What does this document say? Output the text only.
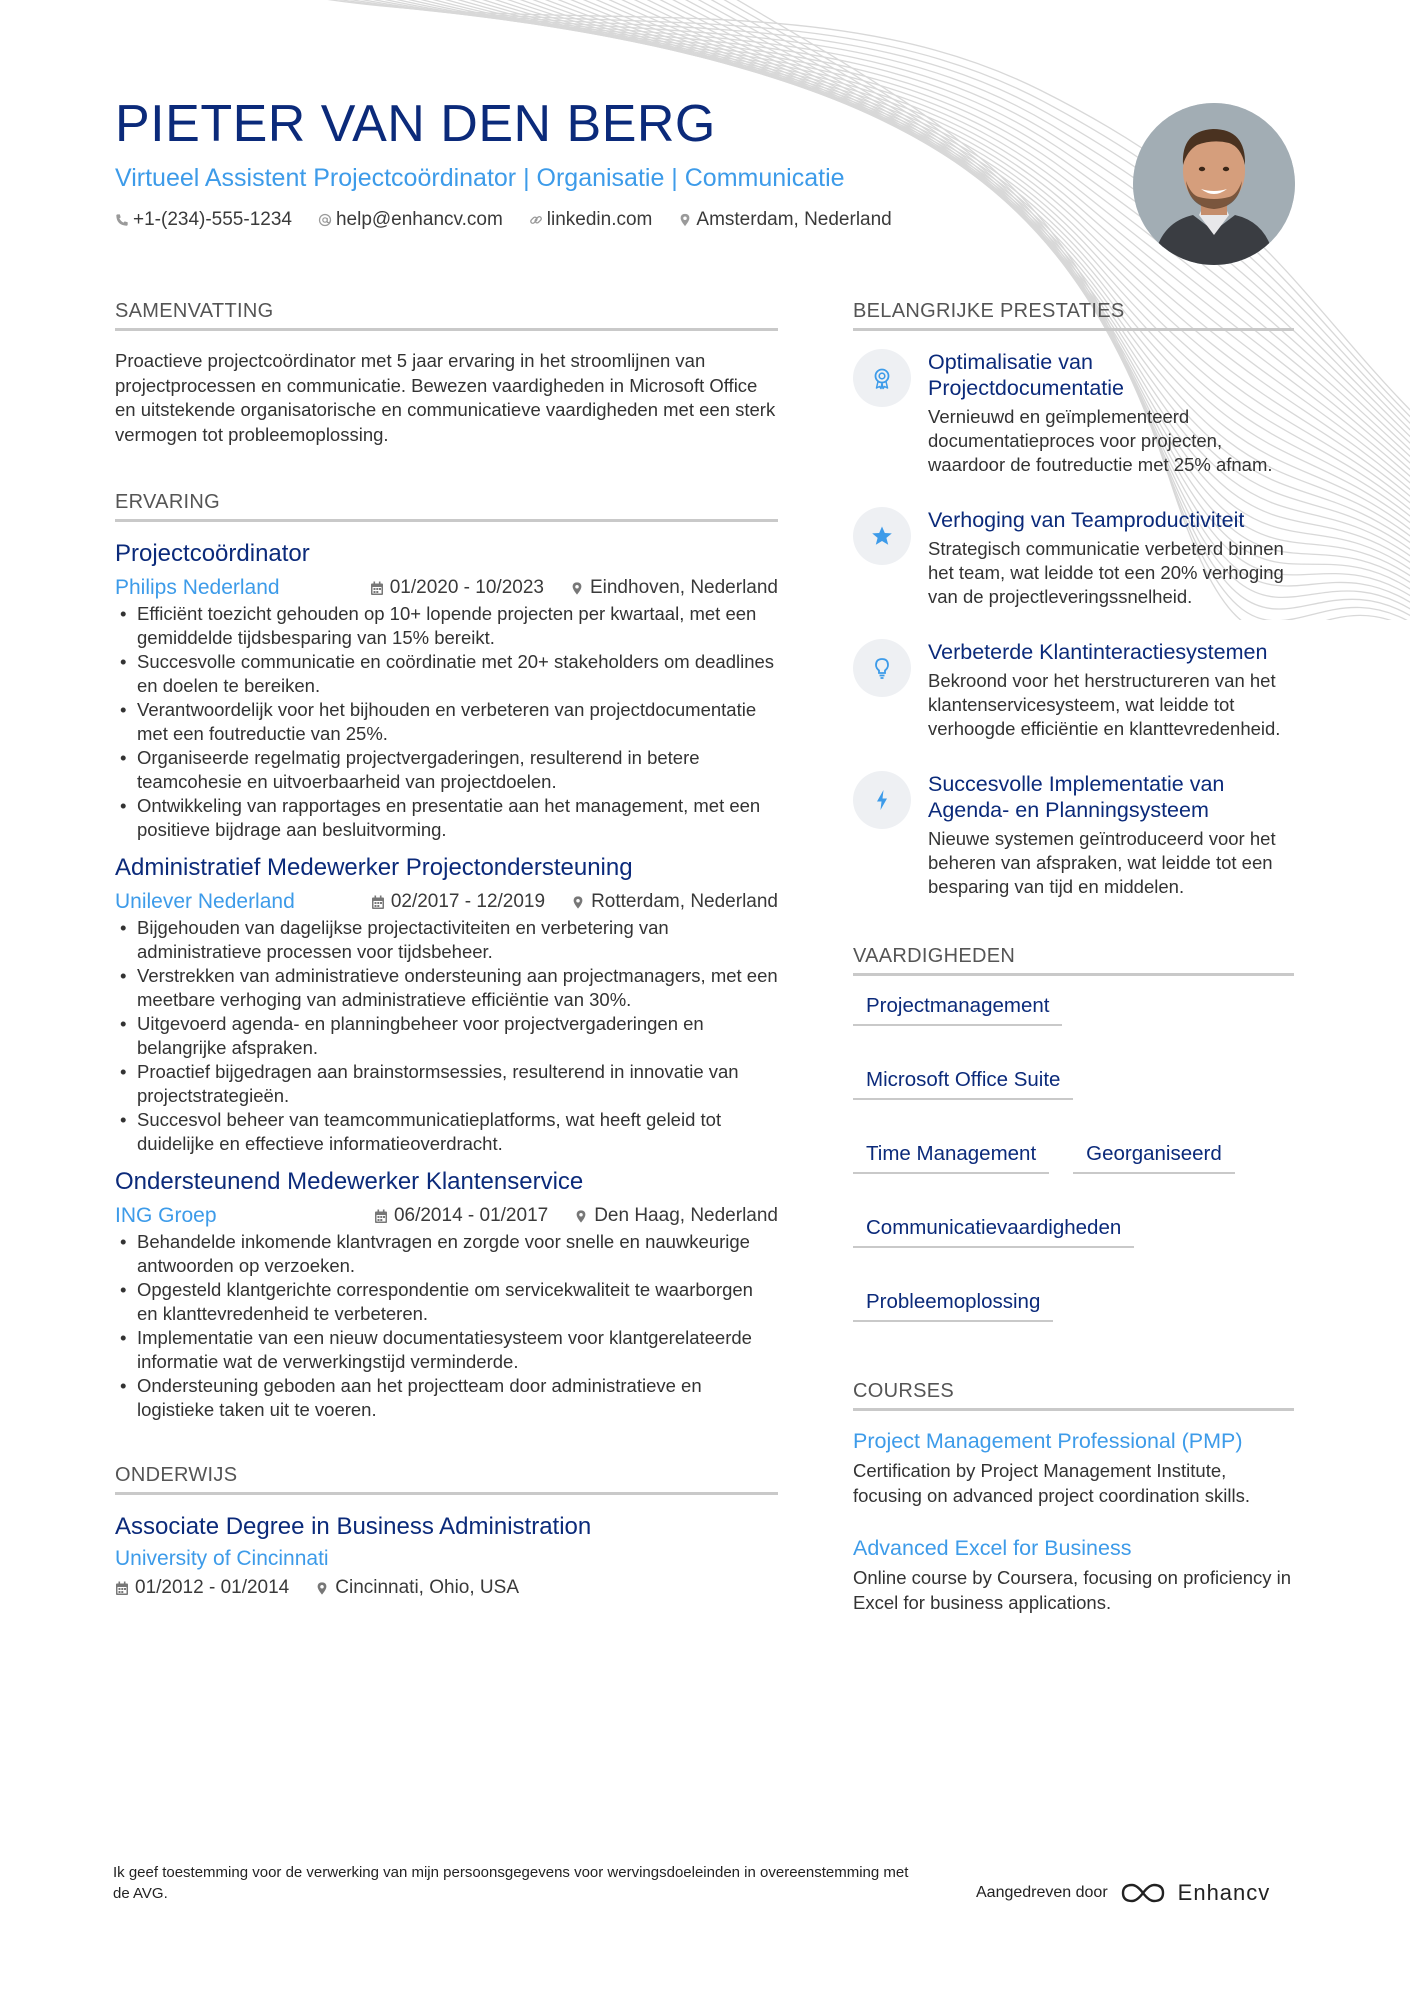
PIETER VAN DEN BERG
Virtueel Assistent Projectcoördinator | Organisatie | Communicatie
+1-(234)-555-1234 help@enhancv.com linkedin.com Amsterdam, Nederland
SAMENVATTING
Proactieve projectcoördinator met 5 jaar ervaring in het stroomlijnen van projectprocessen en communicatie. Bewezen vaardigheden in Microsoft Office en uitstekende organisatorische en communicatieve vaardigheden met een sterk vermogen tot probleemoplossing.
ERVARING
Projectcoördinator
Philips Nederland	01/2020 - 10/2023 Eindhoven, Nederland
• Efficiënt toezicht gehouden op 10+ lopende projecten per kwartaal, met een gemiddelde tijdsbesparing van 15% bereikt.
• Succesvolle communicatie en coördinatie met 20+ stakeholders om deadlines en doelen te bereiken.
• Verantwoordelijk voor het bijhouden en verbeteren van projectdocumentatie met een foutreductie van 25%.
• Organiseerde regelmatig projectvergaderingen, resulterend in betere teamcohesie en uitvoerbaarheid van projectdoelen.
• Ontwikkeling van rapportages en presentatie aan het management, met een positieve bijdrage aan besluitvorming.
Administratief Medewerker Projectondersteuning
Unilever Nederland	02/2017 - 12/2019 Rotterdam, Nederland
• Bijgehouden van dagelijkse projectactiviteiten en verbetering van administratieve processen voor tijdsbeheer.
• Verstrekken van administratieve ondersteuning aan projectmanagers, met een meetbare verhoging van administratieve efficiëntie van 30%.
• Uitgevoerd agenda- en planningbeheer voor projectvergaderingen en belangrijke afspraken.
• Proactief bijgedragen aan brainstormsessies, resulterend in innovatie van projectstrategieën.
• Succesvol beheer van teamcommunicatieplatforms, wat heeft geleid tot duidelijke en effectieve informatieoverdracht.
Ondersteunend Medewerker Klantenservice
ING Groep	06/2014 - 01/2017 Den Haag, Nederland
• Behandelde inkomende klantvragen en zorgde voor snelle en nauwkeurige antwoorden op verzoeken.
• Opgesteld klantgerichte correspondentie om servicekwaliteit te waarborgen en klanttevredenheid te verbeteren.
• Implementatie van een nieuw documentatiesysteem voor klantgerelateerde informatie wat de verwerkingstijd verminderde.
• Ondersteuning geboden aan het projectteam door administratieve en logistieke taken uit te voeren.
ONDERWIJS
Associate Degree in Business Administration
University of Cincinnati
01/2012 - 01/2014 Cincinnati, Ohio, USA
BELANGRIJKE PRESTATIES
Optimalisatie van Projectdocumentatie
Vernieuwd en geïmplementeerd documentatieproces voor projecten, waardoor de foutreductie met 25% afnam.
Verhoging van Teamproductiviteit
Strategisch communicatie verbeterd binnen het team, wat leidde tot een 20% verhoging van de projectleveringssnelheid.
Verbeterde Klantinteractiesystemen
Bekroond voor het herstructureren van het klantenservicesysteem, wat leidde tot verhoogde efficiëntie en klanttevredenheid.
Succesvolle Implementatie van Agenda- en Planningsysteem
Nieuwe systemen geïntroduceerd voor het beheren van afspraken, wat leidde tot een besparing van tijd en middelen.
VAARDIGHEDEN
Projectmanagement
Microsoft Office Suite
Time Management	Georganiseerd
Communicatievaardigheden
Probleemoplossing
COURSES
Project Management Professional (PMP)
Certification by Project Management Institute, focusing on advanced project coordination skills.
Advanced Excel for Business
Online course by Coursera, focusing on proficiency in Excel for business applications.
Ik geef toestemming voor de verwerking van mijn persoonsgegevens voor wervingsdoeleinden in overeenstemming met de AVG.	Aangedreven door	Enhancv
